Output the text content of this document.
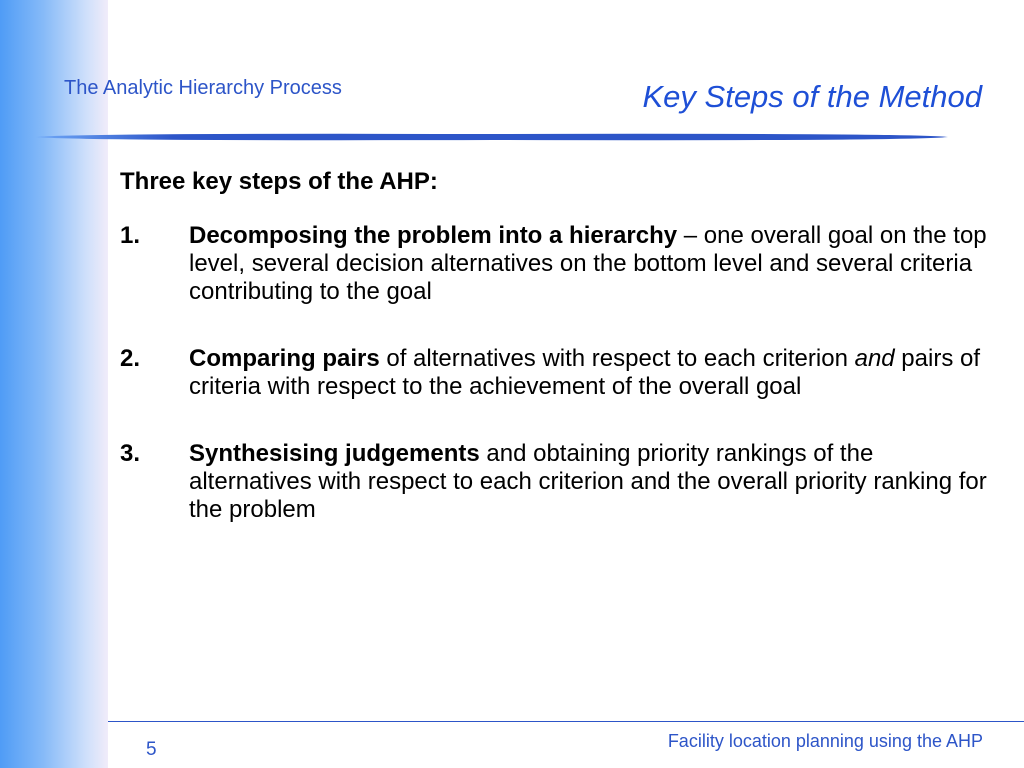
The Analytic Hierarchy Process	Key Steps of the Method

Three key steps of the AHP:

1. Decomposing the problem into a hierarchy – one overall goal on the top level, several decision alternatives on the bottom level and several criteria contributing to the goal
2. Comparing pairs of alternatives with respect to each criterion and pairs of criteria with respect to the achievement of the overall goal
3. Synthesising judgements and obtaining priority rankings of the alternatives with respect to each criterion and the overall priority ranking for the problem
5	Facility location planning using the AHP
